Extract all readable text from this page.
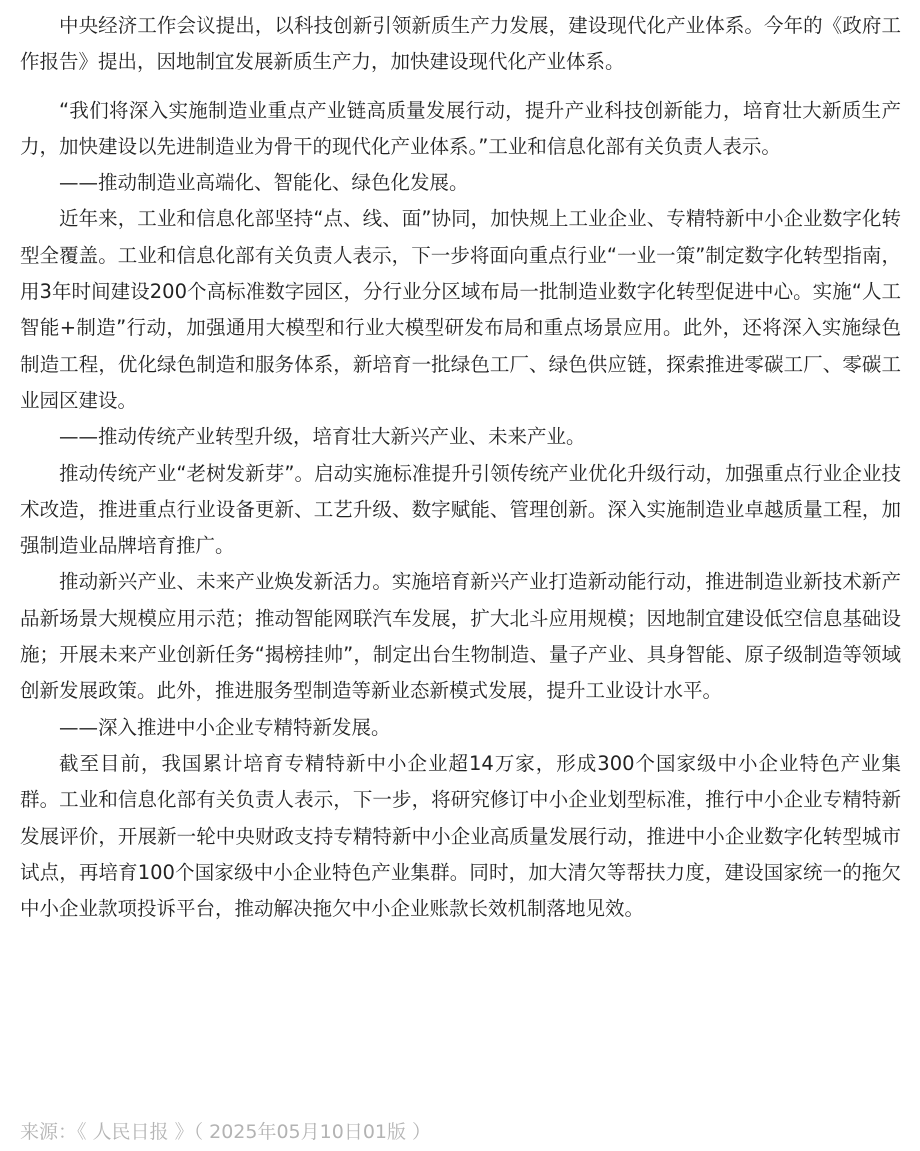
中央经济工作会议提出，以科技创新引领新质生产力发展，建设现代化产业体系。今年的《政府工作报告》提出，因地制宜发展新质生产力，加快建设现代化产业体系。

“我们将深入实施制造业重点产业链高质量发展行动，提升产业科技创新能力，培育壮大新质生产力，加快建设以先进制造业为骨干的现代化产业体系。”工业和信息化部有关负责人表示。

——推动制造业高端化、智能化、绿色化发展。

近年来，工业和信息化部坚持“点、线、面”协同，加快规上工业企业、专精特新中小企业数字化转型全覆盖。工业和信息化部有关负责人表示，下一步将面向重点行业“一业一策”制定数字化转型指南，用3年时间建设200个高标准数字园区，分行业分区域布局一批制造业数字化转型促进中心。实施“人工智能+制造”行动，加强通用大模型和行业大模型研发布局和重点场景应用。此外，还将深入实施绿色制造工程，优化绿色制造和服务体系，新培育一批绿色工厂、绿色供应链，探索推进零碳工厂、零碳工业园区建设。

——推动传统产业转型升级，培育壮大新兴产业、未来产业。

推动传统产业“老树发新芽”。启动实施标准提升引领传统产业优化升级行动，加强重点行业企业技术改造，推进重点行业设备更新、工艺升级、数字赋能、管理创新。深入实施制造业卓越质量工程，加强制造业品牌培育推广。

推动新兴产业、未来产业焕发新活力。实施培育新兴产业打造新动能行动，推进制造业新技术新产品新场景大规模应用示范；推动智能网联汽车发展，扩大北斗应用规模；因地制宜建设低空信息基础设施；开展未来产业创新任务“揭榜挂帅”，制定出台生物制造、量子产业、具身智能、原子级制造等领域创新发展政策。此外，推进服务型制造等新业态新模式发展，提升工业设计水平。

——深入推进中小企业专精特新发展。

截至目前，我国累计培育专精特新中小企业超14万家，形成300个国家级中小企业特色产业集群。工业和信息化部有关负责人表示，下一步，将研究修订中小企业划型标准，推行中小企业专精特新发展评价，开展新一轮中央财政支持专精特新中小企业高质量发展行动，推进中小企业数字化转型城市试点，再培育100个国家级中小企业特色产业集群。同时，加大清欠等帮扶力度，建设国家统一的拖欠中小企业款项投诉平台，推动解决拖欠中小企业账款长效机制落地见效。

来源：《 人民日报 》（ 2025年05月10日01版 ）
